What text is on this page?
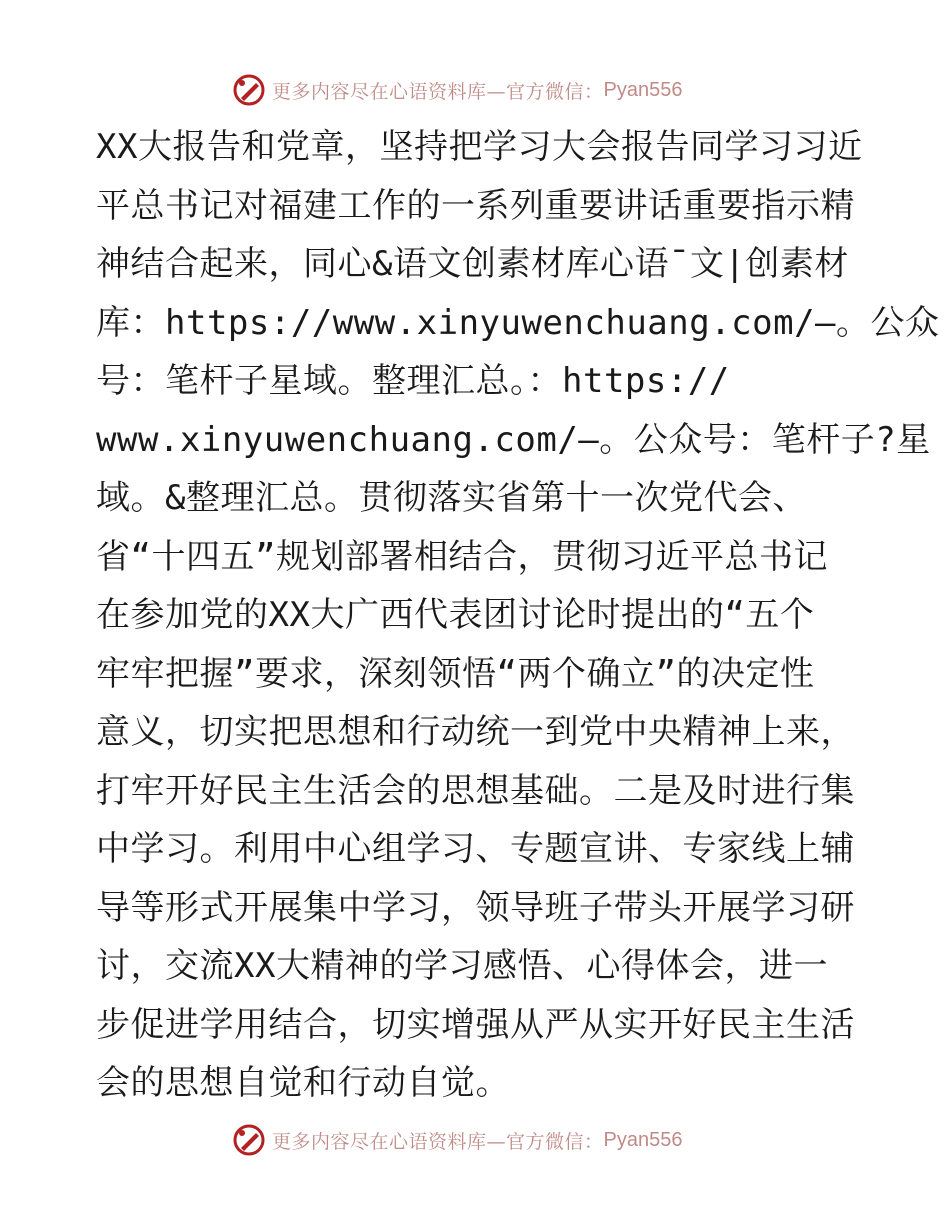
更多内容尽在心语资料库—官方微信： Pyan556
XX大报告和党章，坚持把学习大会报告同学习习近
平总书记对福建工作的一系列重要讲话重要指示精
神结合起来，同心&语文创素材库心语¯文|创素材
库：https://www.xinyuwenchuang.com/—。公众
号：笔杆子星域。整理汇总。：https://
www.xinyuwenchuang.com/—。公众号：笔杆子?星
域。&整理汇总。贯彻落实省第十一次党代会、
省“十四五”规划部署相结合，贯彻习近平总书记
在参加党的XX大广西代表团讨论时提出的“五个
牢牢把握”要求，深刻领悟“两个确立”的决定性
意义，切实把思想和行动统一到党中央精神上来，
打牢开好民主生活会的思想基础。二是及时进行集
中学习。利用中心组学习、专题宣讲、专家线上辅
导等形式开展集中学习，领导班子带头开展学习研
讨，交流XX大精神的学习感悟、心得体会，进一
步促进学用结合，切实增强从严从实开好民主生活
会的思想自觉和行动自觉。
更多内容尽在心语资料库—官方微信： Pyan556
